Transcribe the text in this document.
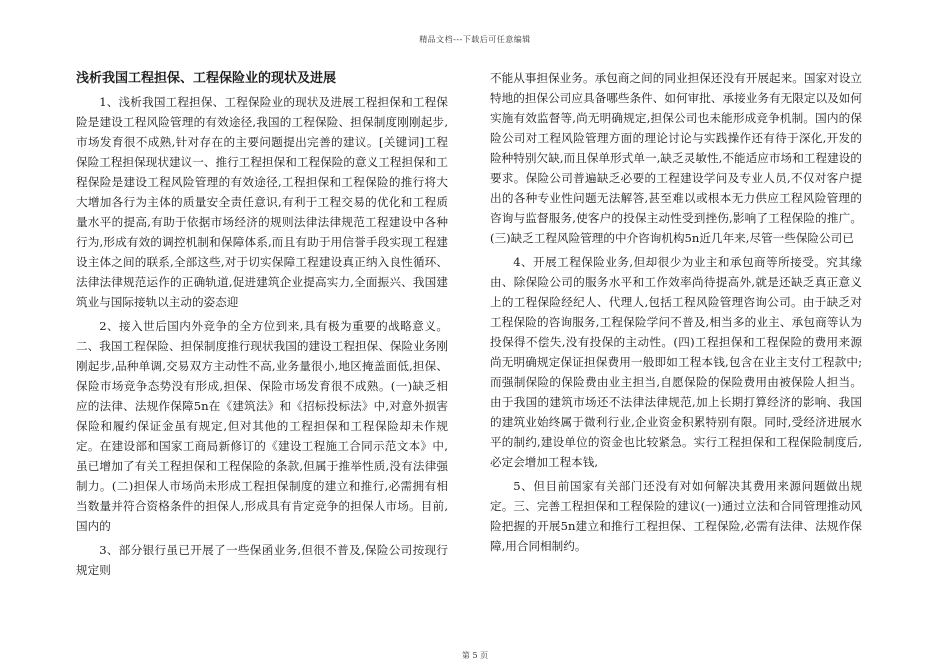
精品文档---下载后可任意编辑
浅析我国工程担保、工程保险业的现状及进展

1、浅析我国工程担保、工程保险业的现状及进展工程担保和工程保险是建设工程风险管理的有效途径,我国的工程保险、担保制度刚刚起步,市场发育很不成熟,针对存在的主要问题提出完善的建议。[关键词]工程保险工程担保现状建议一、推行工程担保和工程保险的意义工程担保和工程保险是建设工程风险管理的有效途径,工程担保和工程保险的推行将大大增加各行为主体的质量安全责任意识,有利于工程交易的优化和工程质量水平的提高,有助于依据市场经济的规则法律法律规范工程建设中各种行为,形成有效的调控机制和保障体系,而且有助于用信誉手段实现工程建设主体之间的联系,全部这些,对于切实保障工程建设真正纳入良性循环、法律法律规范运作的正确轨道,促进建筑企业提高实力,全面振兴、我国建筑业与国际接轨以主动的姿态迎

2、接入世后国内外竞争的全方位到来,具有极为重要的战略意义。二、我国工程保险、担保制度推行现状我国的建设工程担保、保险业务刚刚起步,品种单调,交易双方主动性不高,业务量很小,地区掩盖面低,担保、保险市场竞争态势没有形成,担保、保险市场发育很不成熟。(一)缺乏相应的法律、法规作保障5n在《建筑法》和《招标投标法》中,对意外损害保险和履约保证金虽有规定,但对其他的工程担保和工程保险却未作规定。在建设部和国家工商局新修订的《建设工程施工合同示范文本》中,虽已增加了有关工程担保和工程保险的条款,但属于推举性质,没有法律强制力。(二)担保人市场尚未形成工程担保制度的建立和推行,必需拥有相当数量并符合资格条件的担保人,形成具有肯定竞争的担保人市场。目前,国内的

3、部分银行虽已开展了一些保函业务,但很不普及,保险公司按现行规定则

不能从事担保业务。承包商之间的同业担保还没有开展起来。国家对设立特地的担保公司应具备哪些条件、如何审批、承接业务有无限定以及如何实施有效监督等,尚无明确规定,担保公司也未能形成竞争机制。国内的保险公司对工程风险管理方面的理论讨论与实践操作还有待于深化,开发的险种特别欠缺,而且保单形式单一,缺乏灵敏性,不能适应市场和工程建设的要求。保险公司普遍缺乏必要的工程建设学问及专业人员,不仅对客户提出的各种专业性问题无法解答,甚至难以或根本无力供应工程风险管理的咨询与监督服务,使客户的投保主动性受到挫伤,影响了工程保险的推广。(三)缺乏工程风险管理的中介咨询机构5n近几年来,尽管一些保险公司已

4、开展工程保险业务,但却很少为业主和承包商等所接受。究其缘由、除保险公司的服务水平和工作效率尚待提高外,就是还缺乏真正意义上的工程保险经纪人、代理人,包括工程风险管理咨询公司。由于缺乏对工程保险的咨询服务,工程保险学问不普及,相当多的业主、承包商等认为投保得不偿失,没有投保的主动性。(四)工程担保和工程保险的费用来源尚无明确规定保证担保费用一般即如工程本钱,包含在业主支付工程款中;而强制保险的保险费由业主担当,自愿保险的保险费用由被保险人担当。由于我国的建筑市场还不法律法律规范,加上长期打算经济的影响、我国的建筑业始终属于微利行业,企业资金积累特别有限。同时,受经济进展水平的制约,建设单位的资金也比较紧急。实行工程担保和工程保险制度后,必定会增加工程本钱,

5、但目前国家有关部门还没有对如何解决其费用来源问题做出规定。三、完善工程担保和工程保险的建议(一)通过立法和合同管理推动风险把握的开展5n建立和推行工程担保、工程保险,必需有法律、法规作保障,用合同相制约。

第 5 页
